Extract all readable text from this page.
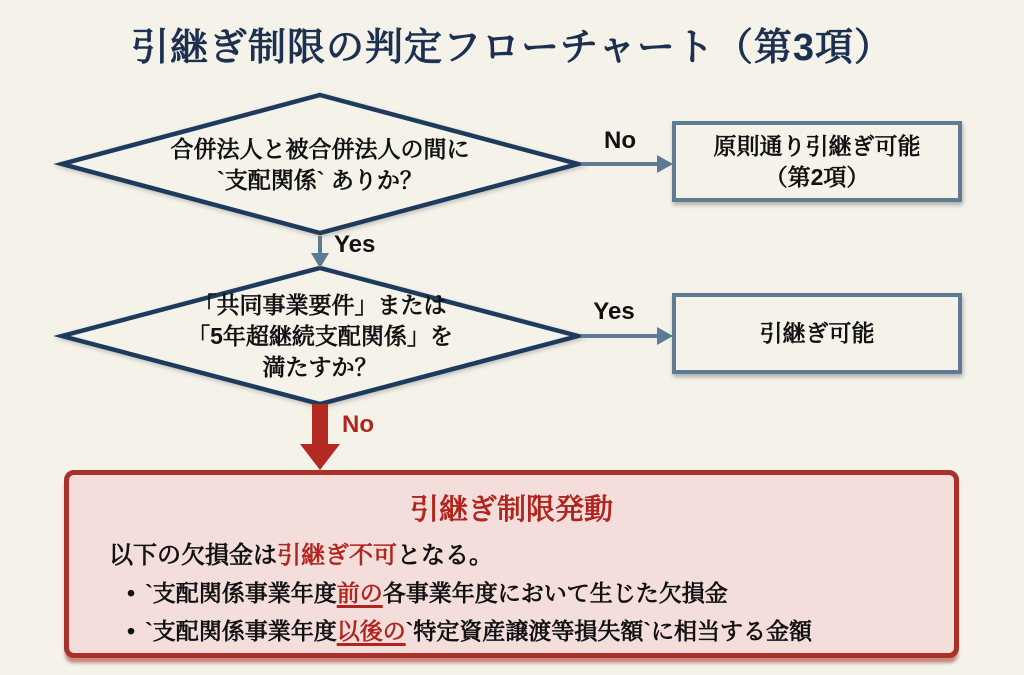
引継ぎ制限の判定フローチャート（第3項）
合併法人と被合併法人の間に
`支配関係` ありか？
No
Yes
Yes
No
原則通り引継ぎ可能
（第2項）
「共同事業要件」または
「5年超継続支配関係」を
満たすか？
引継ぎ可能
引継ぎ制限発動
以下の欠損金は引継ぎ不可となる。
• `支配関係事業年度前の各事業年度において生じた欠損金
• `支配関係事業年度以後の`特定資産譲渡等損失額`に相当する金額
